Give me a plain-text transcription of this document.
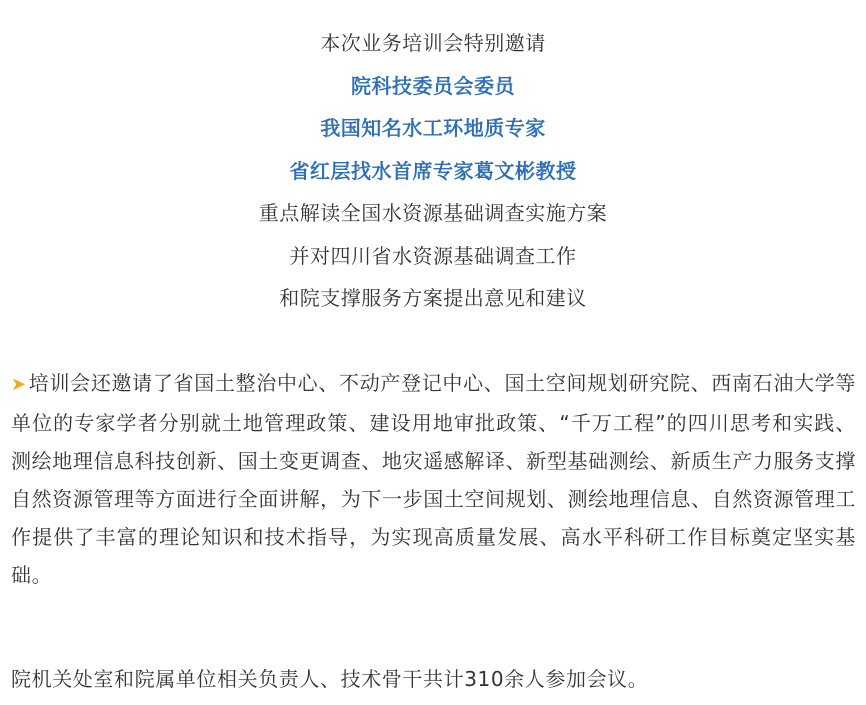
本次业务培训会特别邀请
院科技委员会委员
我国知名水工环地质专家
省红层找水首席专家葛文彬教授
重点解读全国水资源基础调查实施方案
并对四川省水资源基础调查工作
和院支撑服务方案提出意见和建议
➤ 培训会还邀请了省国土整治中心、不动产登记中心、国土空间规划研究院、西南石油大学等单位的专家学者分别就土地管理政策、建设用地审批政策、“千万工程”的四川思考和实践、测绘地理信息科技创新、国土变更调查、地灾遥感解译、新型基础测绘、新质生产力服务支撑自然资源管理等方面进行全面讲解，为下一步国土空间规划、测绘地理信息、自然资源管理工作提供了丰富的理论知识和技术指导，为实现高质量发展、高水平科研工作目标奠定坚实基础。
院机关处室和院属单位相关负责人、技术骨干共计310余人参加会议。
